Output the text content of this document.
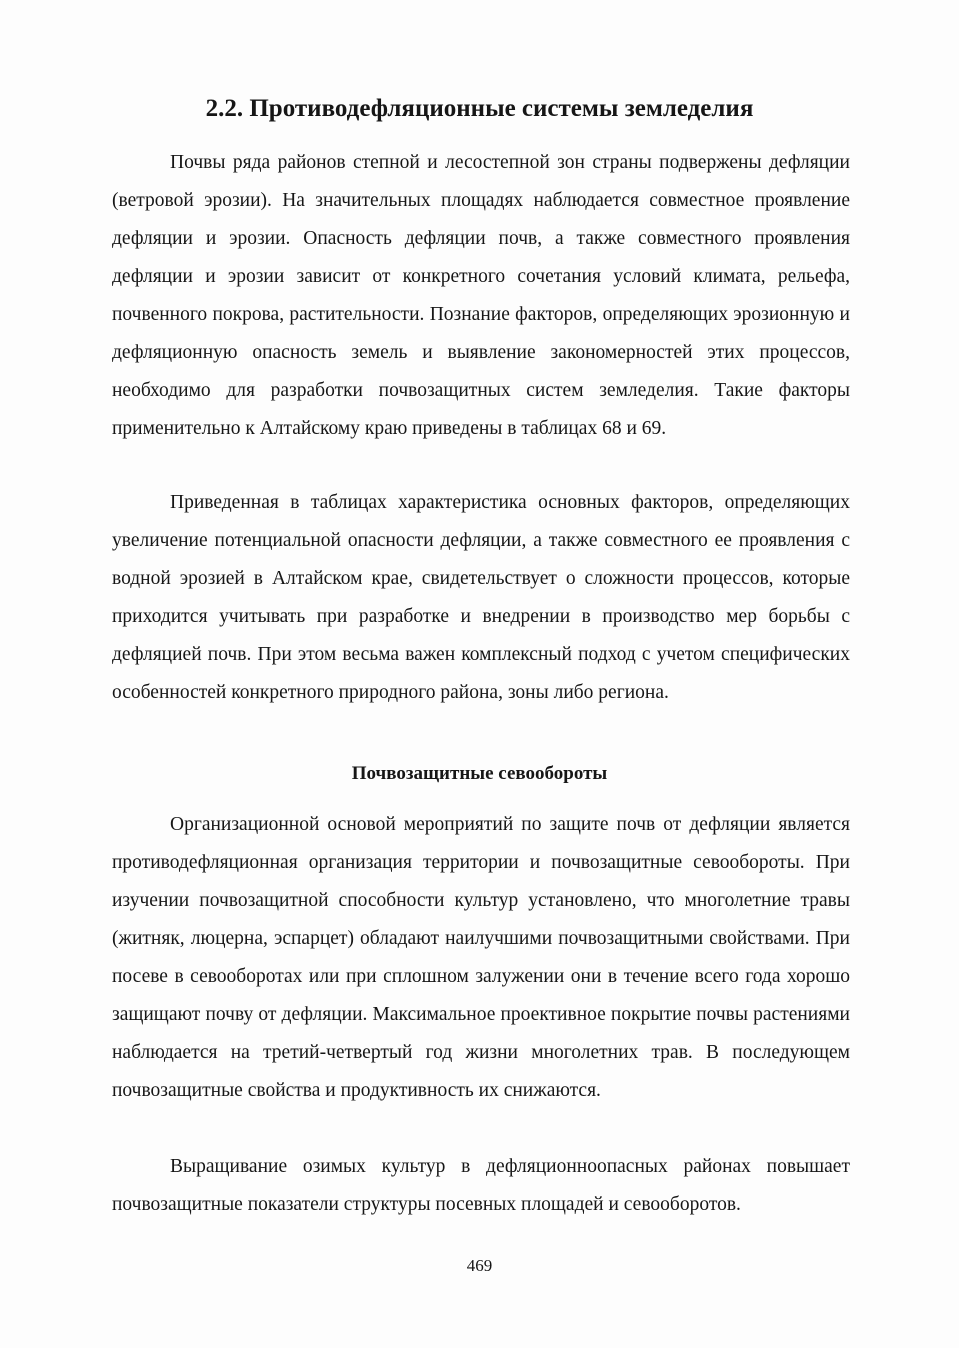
2.2. Противодефляционные системы земледелия

Почвы ряда районов степной и лесостепной зон страны подвержены дефляции (ветровой эрозии). На значительных площадях наблюдается совместное проявление дефляции и эрозии. Опасность дефляции почв, а также совместного проявления дефляции и эрозии зависит от конкретного сочетания условий климата, рельефа, почвенного покрова, растительности. Познание факторов, определяющих эрозионную и дефляционную опасность земель и выявление закономерностей этих процессов, необходимо для разработки почвозащитных систем земледелия. Такие факторы применительно к Алтайскому краю приведены в таблицах 68 и 69.

Приведенная в таблицах характеристика основных факторов, определяющих увеличение потенциальной опасности дефляции, а также совместного ее проявления с водной эрозией в Алтайском крае, свидетельствует о сложности процессов, которые приходится учитывать при разработке и внедрении в производство мер борьбы с дефляцией почв. При этом весьма важен комплексный подход с учетом специфических особенностей конкретного природного района, зоны либо региона.

Почвозащитные севообороты

Организационной основой мероприятий по защите почв от дефляции является противодефляционная организация территории и почвозащитные севообороты. При изучении почвозащитной способности культур установлено, что многолетние травы (житняк, люцерна, эспарцет) обладают наилучшими почвозащитными свойствами. При посеве в севооборотах или при сплошном залужении они в течение всего года хорошо защищают почву от дефляции. Максимальное проективное покрытие почвы растениями наблюдается на третий-четвертый год жизни многолетних трав. В последующем почвозащитные свойства и продуктивность их снижаются.

Выращивание озимых культур в дефляционноопасных районах повышает почвозащитные показатели структуры посевных площадей и севооборотов.

469
